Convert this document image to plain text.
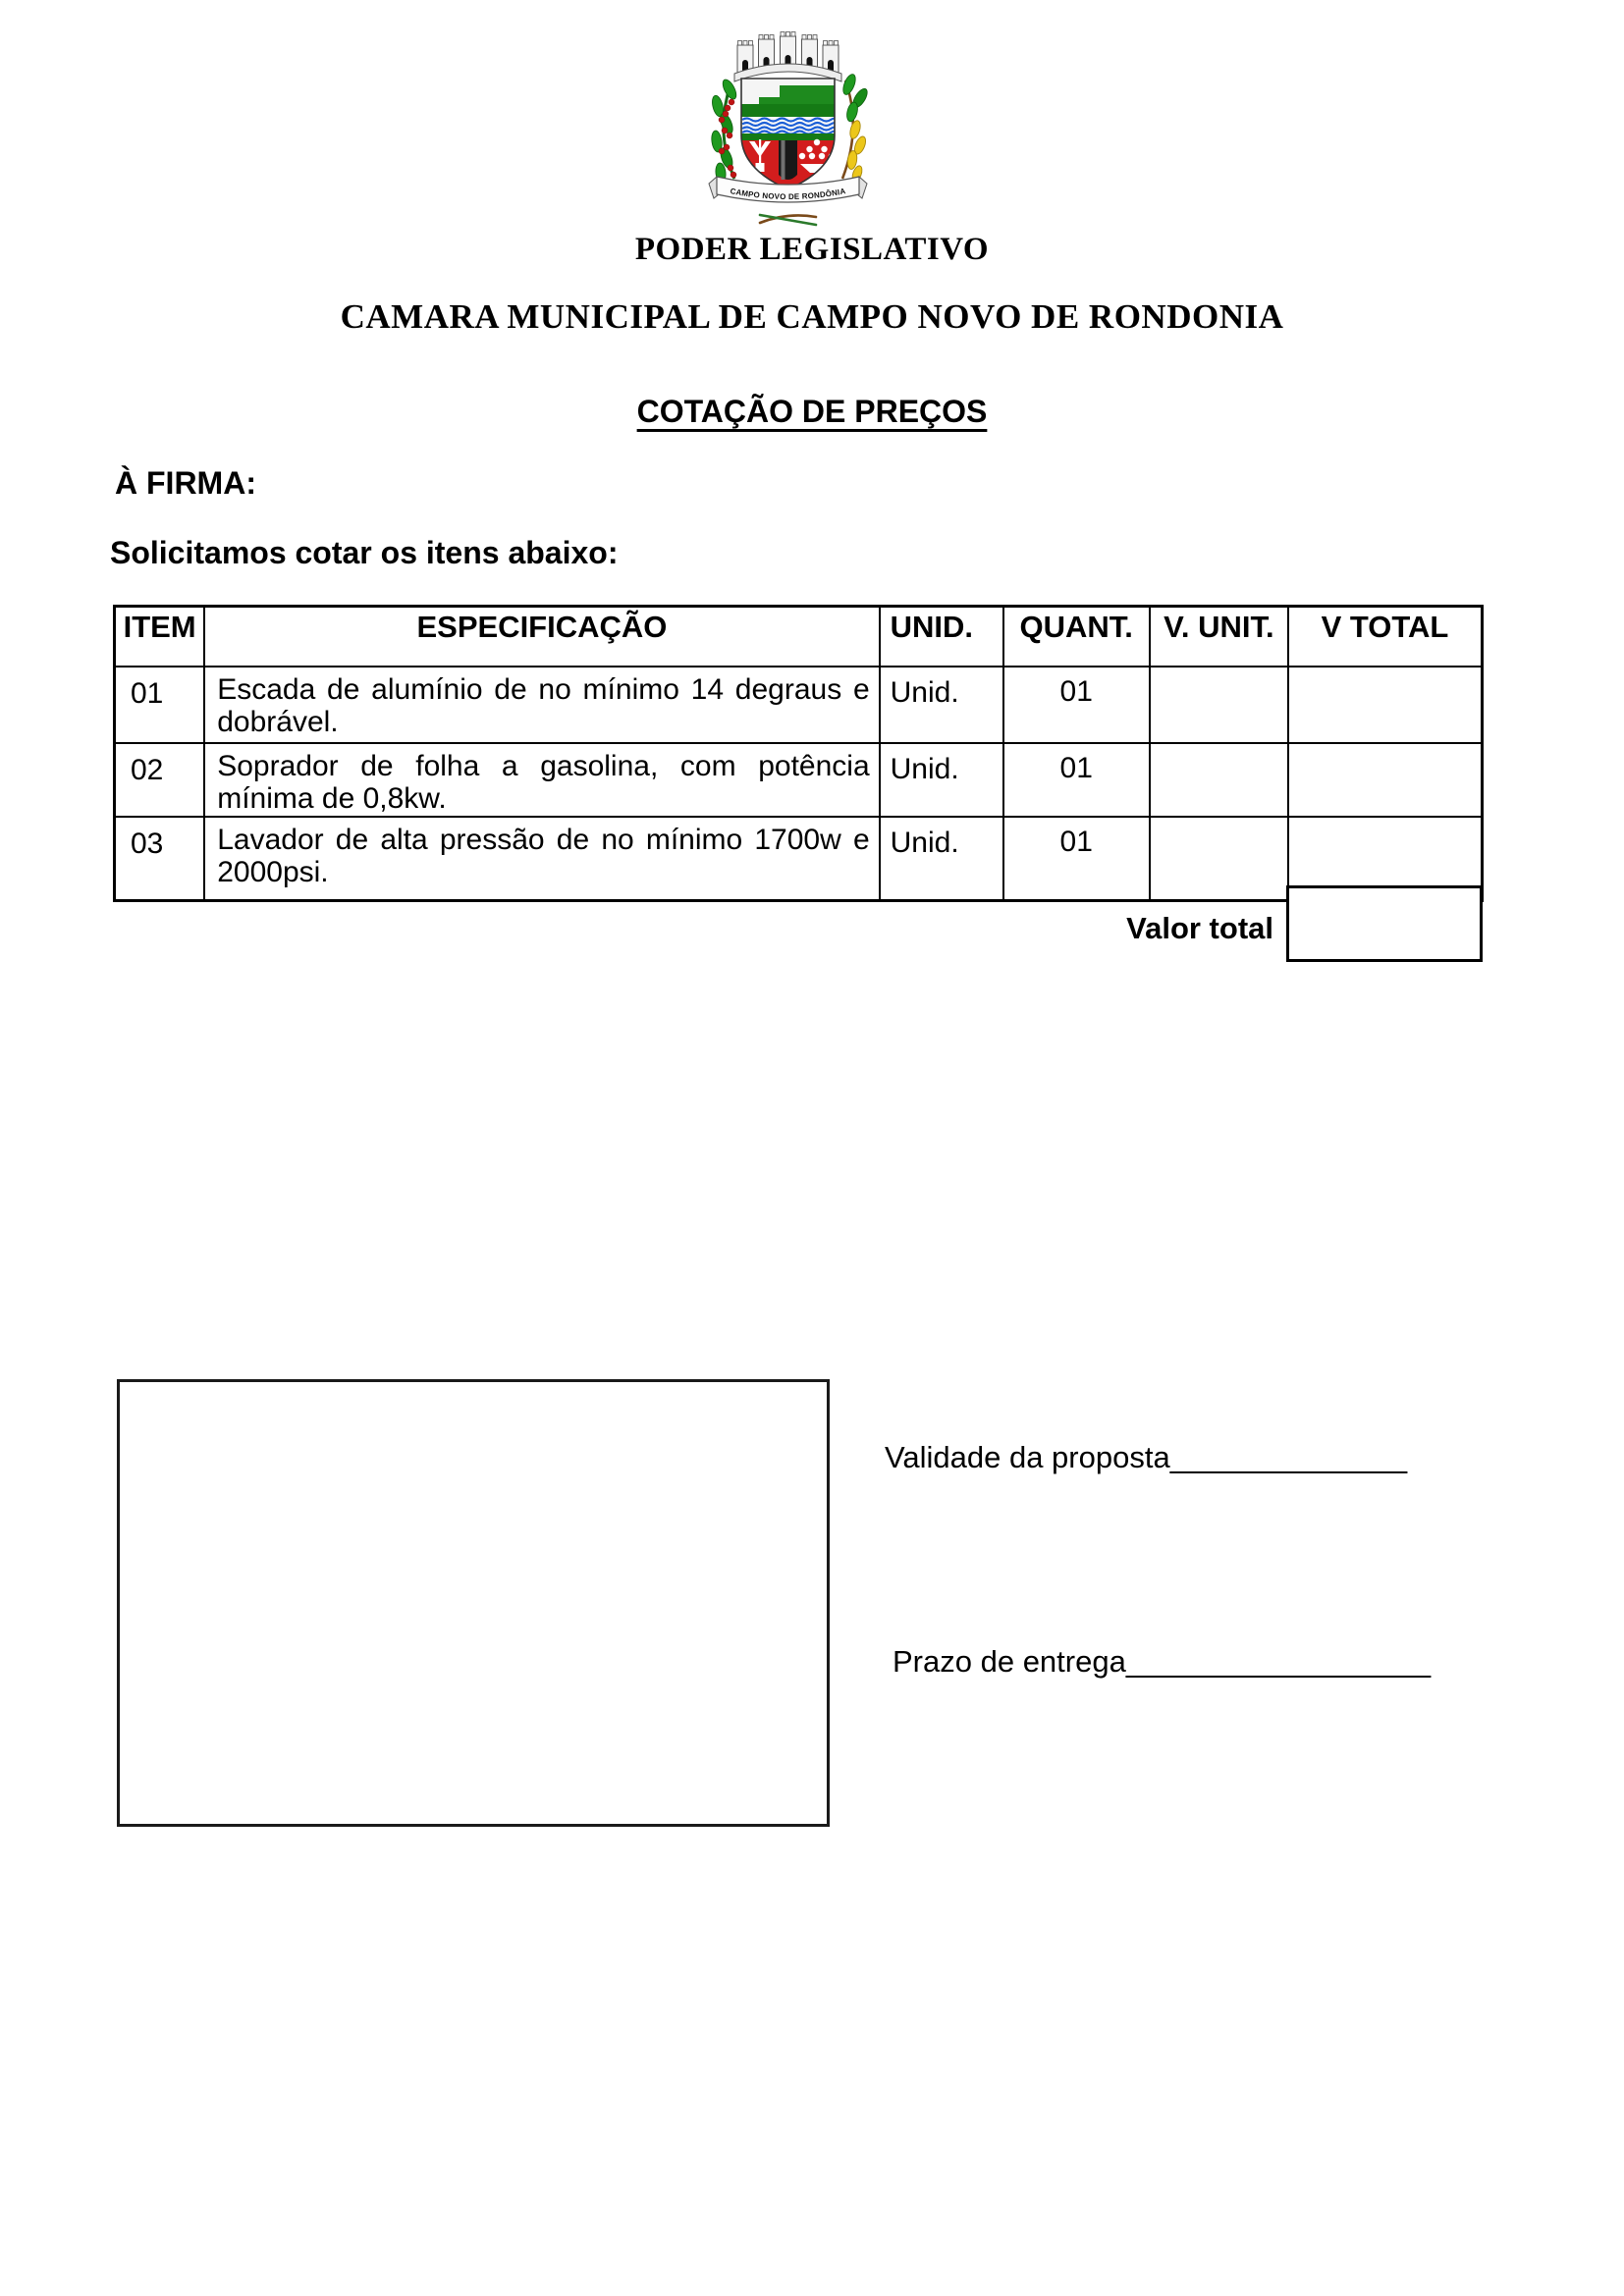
CAMPO NOVO DE RONDÔNIA
PODER LEGISLATIVO
CAMARA MUNICIPAL DE CAMPO NOVO DE RONDONIA
COTAÇÃO DE PREÇOS
À FIRMA:
Solicitamos cotar os itens abaixo:
ITEM	ESPECIFICAÇÃO	UNID.	QUANT.	V. UNIT.	V TOTAL
01	Escada de alumínio de no mínimo 14 degraus e dobrável.	Unid.	01		
02	Soprador de folha a gasolina, com potência mínima de 0,8kw.	Unid.	01		
03	Lavador de alta pressão de no mínimo 1700w e 2000psi.	Unid.	01		
Valor total
Validade da proposta______________
Prazo de entrega__________________
